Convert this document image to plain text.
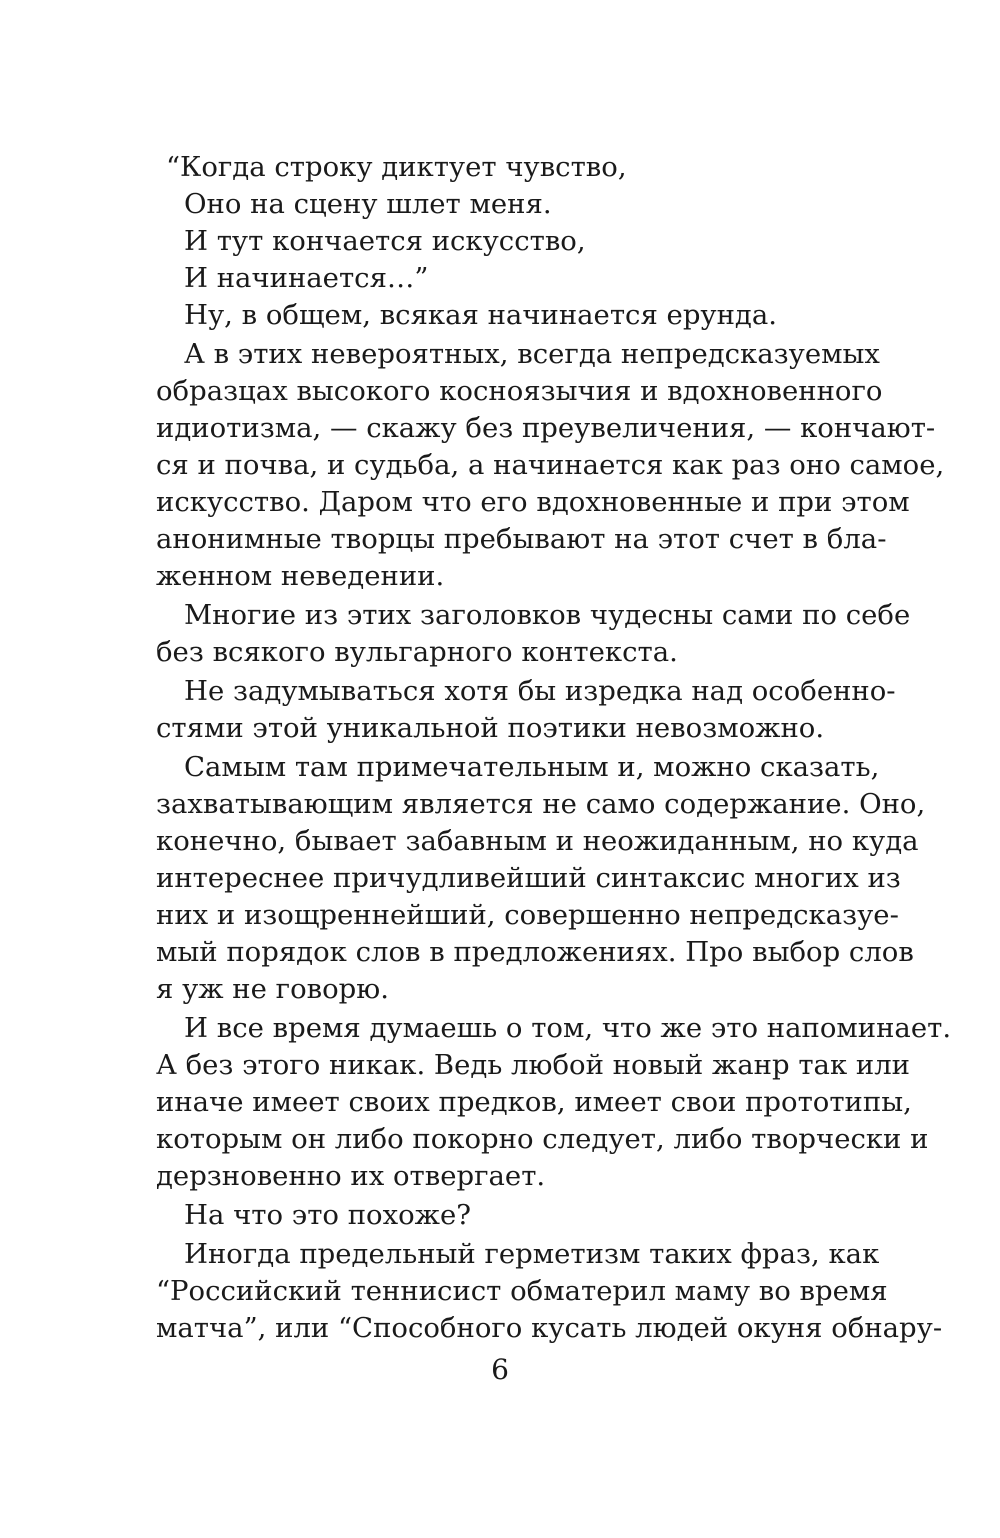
“Когда строку диктует чувство,
Оно на сцену шлет меня.
И тут кончается искусство,
И начинается…”
Ну, в общем, всякая начинается ерунда.
А в этих невероятных, всегда непредсказуемых
образцах высокого косноязычия и вдохновенного
идиотизма, — скажу без преувеличения, — кончают-
ся и почва, и судьба, а начинается как раз оно самое,
искусство. Даром что его вдохновенные и при этом
анонимные творцы пребывают на этот счет в бла-
женном неведении.
Многие из этих заголовков чудесны сами по себе
без всякого вульгарного контекста.
Не задумываться хотя бы изредка над особенно-
стями этой уникальной поэтики невозможно.
Самым там примечательным и, можно сказать,
захватывающим является не само содержание. Оно,
конечно, бывает забавным и неожиданным, но куда
интереснее причудливейший синтаксис многих из
них и изощреннейший, совершенно непредсказуе-
мый порядок слов в предложениях. Про выбор слов
я уж не говорю.
И все время думаешь о том, что же это напоминает.
А без этого никак. Ведь любой новый жанр так или
иначе имеет своих предков, имеет свои прототипы,
которым он либо покорно следует, либо творчески и
дерзновенно их отвергает.
На что это похоже?
Иногда предельный герметизм таких фраз, как
“Российский теннисист обматерил маму во время
матча”, или “Способного кусать людей окуня обнару-
6
